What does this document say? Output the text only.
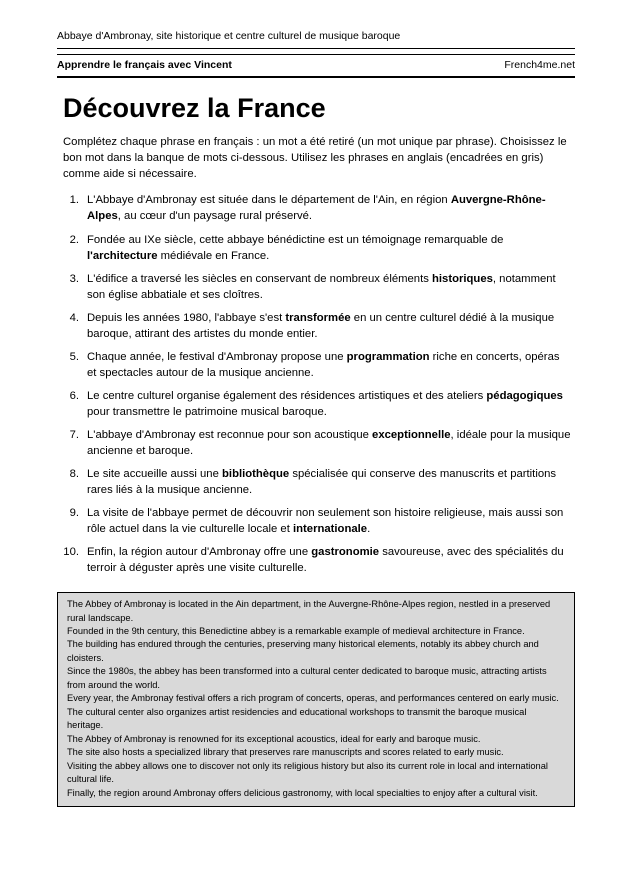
Abbaye d'Ambronay, site historique et centre culturel de musique baroque
Apprendre le français avec Vincent	French4me.net
Découvrez la France

Complétez chaque phrase en français : un mot a été retiré (un mot unique par phrase). Choisissez le bon mot dans la banque de mots ci-dessous. Utilisez les phrases en anglais (encadrées en gris) comme aide si nécessaire.

1. L'Abbaye d'Ambronay est située dans le département de l'Ain, en région Auvergne-Rhône-Alpes, au cœur d'un paysage rural préservé.

2. Fondée au IXe siècle, cette abbaye bénédictine est un témoignage remarquable de l'architecture médiévale en France.

3. L'édifice a traversé les siècles en conservant de nombreux éléments historiques, notamment son église abbatiale et ses cloîtres.

4. Depuis les années 1980, l'abbaye s'est transformée en un centre culturel dédié à la musique baroque, attirant des artistes du monde entier.

5. Chaque année, le festival d'Ambronay propose une programmation riche en concerts, opéras et spectacles autour de la musique ancienne.

6. Le centre culturel organise également des résidences artistiques et des ateliers pédagogiques pour transmettre le patrimoine musical baroque.

7. L'abbaye d'Ambronay est reconnue pour son acoustique exceptionnelle, idéale pour la musique ancienne et baroque.

8. Le site accueille aussi une bibliothèque spécialisée qui conserve des manuscrits et partitions rares liés à la musique ancienne.

9. La visite de l'abbaye permet de découvrir non seulement son histoire religieuse, mais aussi son rôle actuel dans la vie culturelle locale et internationale.

10. Enfin, la région autour d'Ambronay offre une gastronomie savoureuse, avec des spécialités du terroir à déguster après une visite culturelle.

The Abbey of Ambronay is located in the Ain department, in the Auvergne-Rhône-Alpes region, nestled in a preserved rural landscape.

Founded in the 9th century, this Benedictine abbey is a remarkable example of medieval architecture in France.

The building has endured through the centuries, preserving many historical elements, notably its abbey church and cloisters.

Since the 1980s, the abbey has been transformed into a cultural center dedicated to baroque music, attracting artists from around the world.

Every year, the Ambronay festival offers a rich program of concerts, operas, and performances centered on early music.

The cultural center also organizes artist residencies and educational workshops to transmit the baroque musical heritage.

The Abbey of Ambronay is renowned for its exceptional acoustics, ideal for early and baroque music.

The site also hosts a specialized library that preserves rare manuscripts and scores related to early music.

Visiting the abbey allows one to discover not only its religious history but also its current role in local and international cultural life.

Finally, the region around Ambronay offers delicious gastronomy, with local specialties to enjoy after a cultural visit.
